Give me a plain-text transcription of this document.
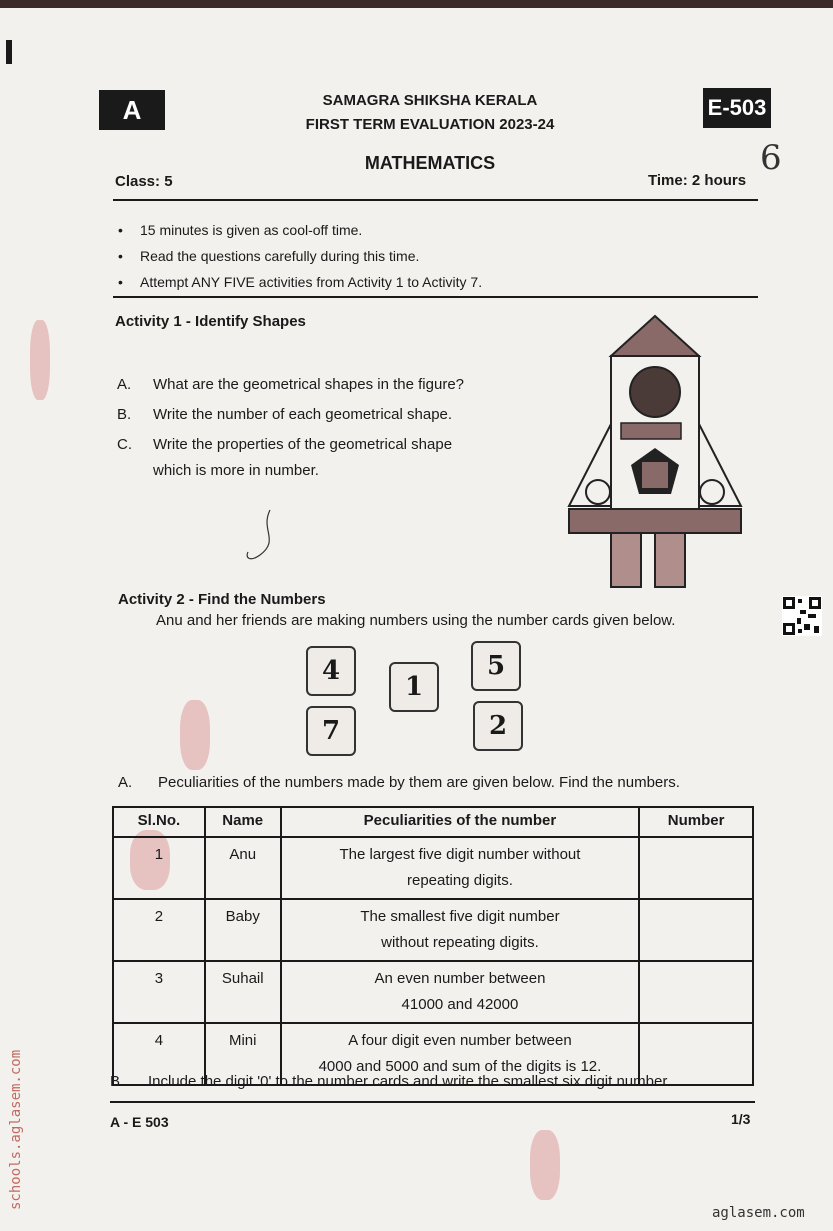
A	E-503
SAMAGRA SHIKSHA KERALA
FIRST TERM EVALUATION 2023-24
MATHEMATICS
Class: 5	Time: 2 hours
6
• 15 minutes is given as cool-off time.
• Read the questions carefully during this time.
• Attempt ANY FIVE activities from Activity 1 to Activity 7.
Activity 1 - Identify Shapes
A. What are the geometrical shapes in the figure?
B. Write the number of each geometrical shape.
C. Write the properties of the geometrical shape
which is more in number.
Activity 2 - Find the Numbers
Anu and her friends are making numbers using the number cards given below.
4
1
5
7	2
A. Peculiarities of the numbers made by them are given below. Find the numbers.
Sl.No.	Name	Peculiarities of the number	Number
1	Anu	The largest five digit number without
repeating digits.	
2	Baby	The smallest five digit number
without repeating digits.	
3	Suhail	An even number between
41000 and 42000	
4	Mini	A four digit even number between
4000 and 5000 and sum of the digits is 12.	
B. Include the digit '0' to the number cards and write the smallest six digit number.
A - E 503	1/3
schools.aglasem.com
aglasem.com
